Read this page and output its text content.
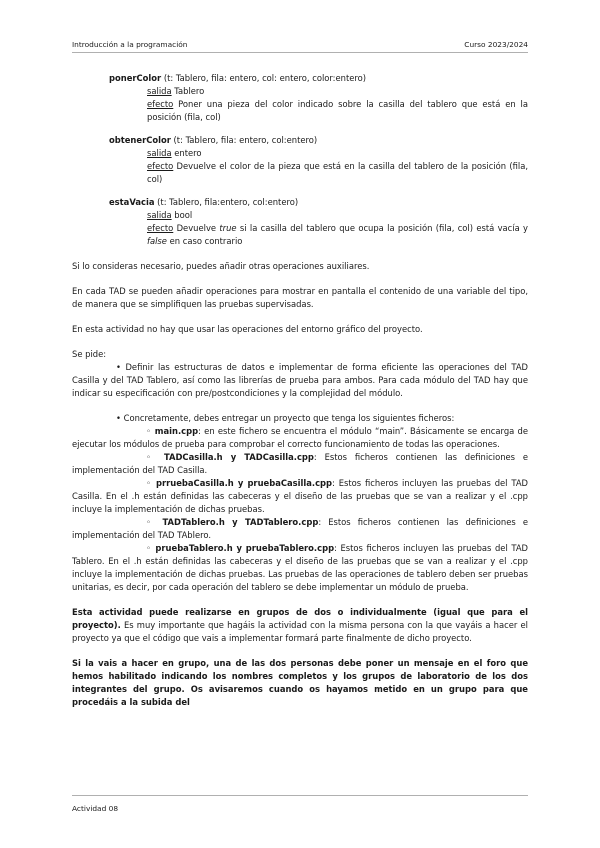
Introducción a la programación	Curso 2023/2024
ponerColor (t: Tablero, fila: entero, col: entero, color:entero)
salida Tablero
efecto Poner una pieza del color indicado sobre la casilla del tablero que está en la posición (fila, col)
obtenerColor (t: Tablero, fila: entero, col:entero)
salida entero
efecto Devuelve el color de la pieza que está en la casilla del tablero de la posición (fila, col)
estaVacia (t: Tablero, fila:entero, col:entero)
salida bool
efecto Devuelve true si la casilla del tablero que ocupa la posición (fila, col) está vacía y false en caso contrario

Si lo consideras necesario, puedes añadir otras operaciones auxiliares.

En cada TAD se pueden añadir operaciones para mostrar en pantalla el contenido de una variable del tipo, de manera que se simplifiquen las pruebas supervisadas.

En esta actividad no hay que usar las operaciones del entorno gráfico del proyecto.

Se pide:

• Definir las estructuras de datos e implementar de forma eficiente las operaciones del TAD Casilla y del TAD Tablero, así como las librerías de prueba para ambos. Para cada módulo del TAD hay que indicar su especificación con pre/postcondiciones y la complejidad del módulo.

• Concretamente, debes entregar un proyecto que tenga los siguientes ficheros:

◦ main.cpp: en este fichero se encuentra el módulo “main”. Básicamente se encarga de ejecutar los módulos de prueba para comprobar el correcto funcionamiento de todas las operaciones.

◦ TADCasilla.h y TADCasilla.cpp: Estos ficheros contienen las definiciones e implementación del TAD Casilla.

◦ prruebaCasilla.h y pruebaCasilla.cpp: Estos ficheros incluyen las pruebas del TAD Casilla. En el .h están definidas las cabeceras y el diseño de las pruebas que se van a realizar y el .cpp incluye la implementación de dichas pruebas.

◦ TADTablero.h y TADTablero.cpp: Estos ficheros contienen las definiciones e implementación del TAD TAblero.

◦ pruebaTablero.h y pruebaTablero.cpp: Estos ficheros incluyen las pruebas del TAD Tablero. En el .h están definidas las cabeceras y el diseño de las pruebas que se van a realizar y el .cpp incluye la implementación de dichas pruebas. Las pruebas de las operaciones de tablero deben ser pruebas unitarias, es decir, por cada operación del tablero se debe implementar un módulo de prueba.

Esta actividad puede realizarse en grupos de dos o individualmente (igual que para el proyecto). Es muy importante que hagáis la actividad con la misma persona con la que vayáis a hacer el proyecto ya que el código que vais a implementar formará parte finalmente de dicho proyecto.

Si la vais a hacer en grupo, una de las dos personas debe poner un mensaje en el foro que hemos habilitado indicando los nombres completos y los grupos de laboratorio de los dos integrantes del grupo. Os avisaremos cuando os hayamos metido en un grupo para que procedáis a la subida del

Actividad 08
